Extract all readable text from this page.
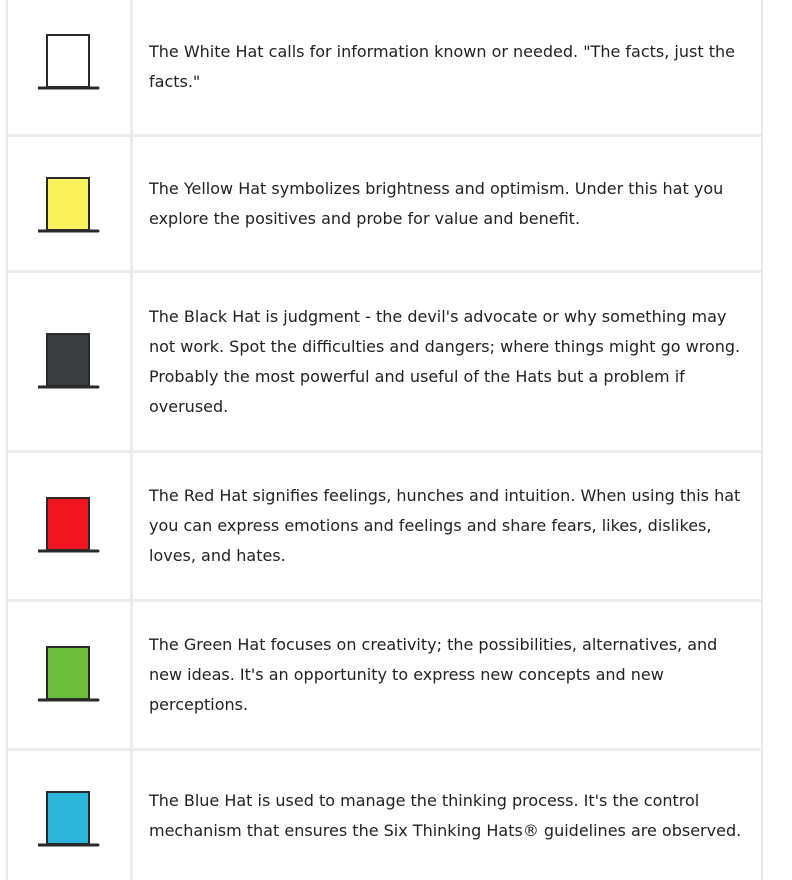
The White Hat calls for information known or needed. "The facts, just the facts."

The Yellow Hat symbolizes brightness and optimism. Under this hat you explore the positives and probe for value and benefit.

The Black Hat is judgment - the devil's advocate or why something may not work. Spot the difficulties and dangers; where things might go wrong. Probably the most powerful and useful of the Hats but a problem if overused.

The Red Hat signifies feelings, hunches and intuition. When using this hat you can express emotions and feelings and share fears, likes, dislikes, loves, and hates.

The Green Hat focuses on creativity; the possibilities, alternatives, and new ideas. It's an opportunity to express new concepts and new perceptions.

The Blue Hat is used to manage the thinking process. It's the control mechanism that ensures the Six Thinking Hats® guidelines are observed.
